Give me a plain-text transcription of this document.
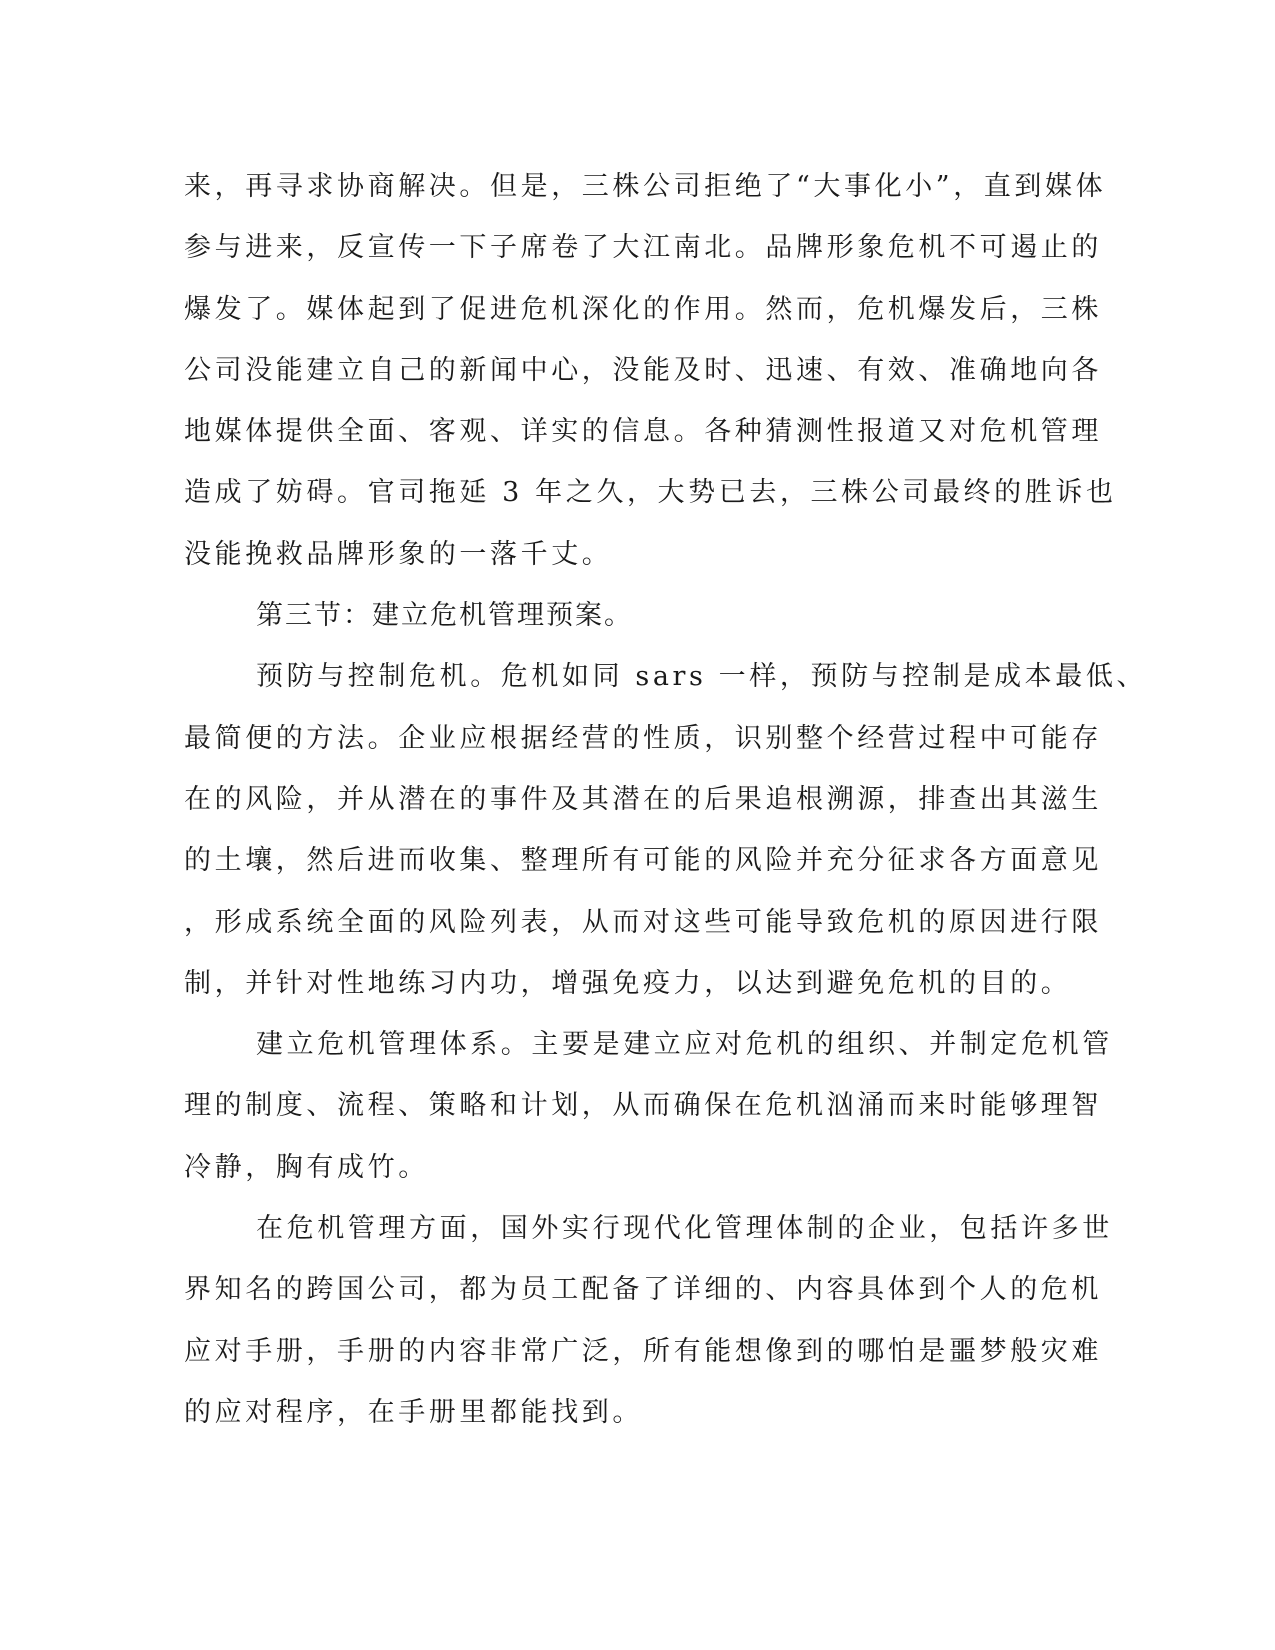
来，再寻求协商解决。但是，三株公司拒绝了“大事化小”，直到媒体
参与进来，反宣传一下子席卷了大江南北。品牌形象危机不可遏止的
爆发了。媒体起到了促进危机深化的作用。然而，危机爆发后，三株
公司没能建立自己的新闻中心，没能及时、迅速、有效、准确地向各
地媒体提供全面、客观、详实的信息。各种猜测性报道又对危机管理
造成了妨碍。官司拖延 3 年之久，大势已去，三株公司最终的胜诉也
没能挽救品牌形象的一落千丈。
第三节：建立危机管理预案。
预防与控制危机。危机如同 sars 一样，预防与控制是成本最低、
最简便的方法。企业应根据经营的性质，识别整个经营过程中可能存
在的风险，并从潜在的事件及其潜在的后果追根溯源，排查出其滋生
的土壤，然后进而收集、整理所有可能的风险并充分征求各方面意见
，形成系统全面的风险列表，从而对这些可能导致危机的原因进行限
制，并针对性地练习内功，增强免疫力，以达到避免危机的目的。
建立危机管理体系。主要是建立应对危机的组织、并制定危机管
理的制度、流程、策略和计划，从而确保在危机汹涌而来时能够理智
冷静，胸有成竹。
在危机管理方面，国外实行现代化管理体制的企业，包括许多世
界知名的跨国公司，都为员工配备了详细的、内容具体到个人的危机
应对手册，手册的内容非常广泛，所有能想像到的哪怕是噩梦般灾难
的应对程序，在手册里都能找到。
